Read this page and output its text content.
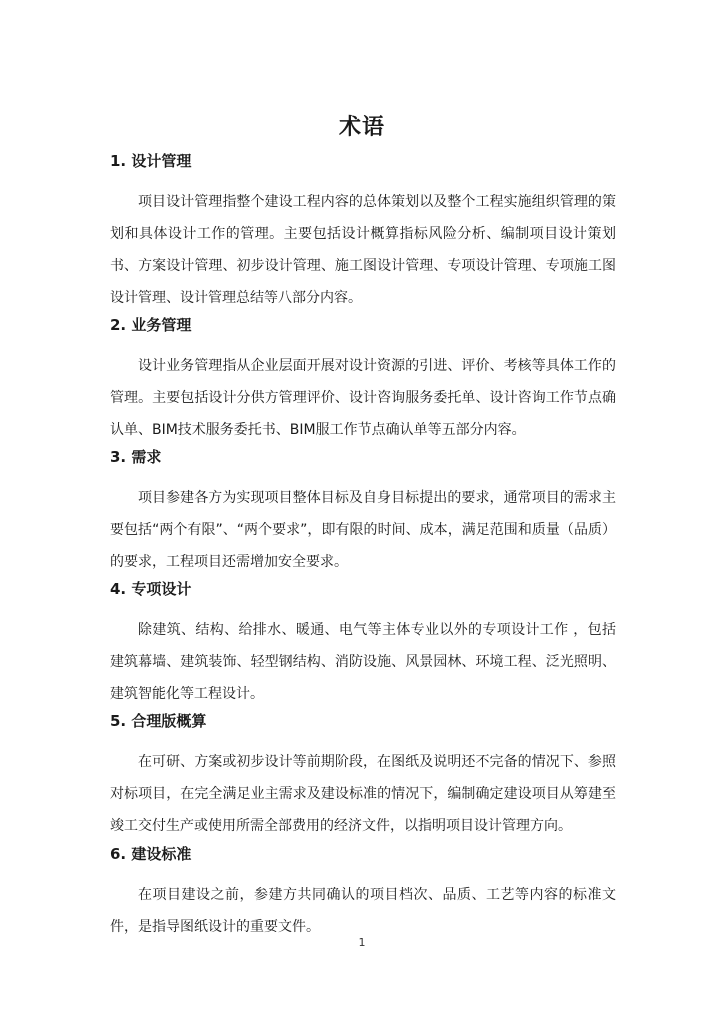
术语
1. 设计管理

项目设计管理指整个建设工程内容的总体策划以及整个工程实施组织管理的策划和具体设计工作的管理。主要包括设计概算指标风险分析、编制项目设计策划书、方案设计管理、初步设计管理、施工图设计管理、专项设计管理、专项施工图设计管理、设计管理总结等八部分内容。

2. 业务管理

设计业务管理指从企业层面开展对设计资源的引进、评价、考核等具体工作的管理。主要包括设计分供方管理评价、设计咨询服务委托单、设计咨询工作节点确认单、BIM技术服务委托书、BIM服工作节点确认单等五部分内容。

3. 需求

项目参建各方为实现项目整体目标及自身目标提出的要求，通常项目的需求主要包括“两个有限”、“两个要求”，即有限的时间、成本，满足范围和质量（品质）的要求，工程项目还需增加安全要求。

4. 专项设计

除建筑、结构、给排水、暖通、电气等主体专业以外的专项设计工作 ，包括建筑幕墙、建筑装饰、轻型钢结构、消防设施、风景园林、环境工程、泛光照明、建筑智能化等工程设计。

5. 合理版概算

在可研、方案或初步设计等前期阶段，在图纸及说明还不完备的情况下、参照对标项目，在完全满足业主需求及建设标准的情况下，编制确定建设项目从筹建至竣工交付生产或使用所需全部费用的经济文件，以指明项目设计管理方向。

6. 建设标准

在项目建设之前，参建方共同确认的项目档次、品质、工艺等内容的标准文件，是指导图纸设计的重要文件。

1
